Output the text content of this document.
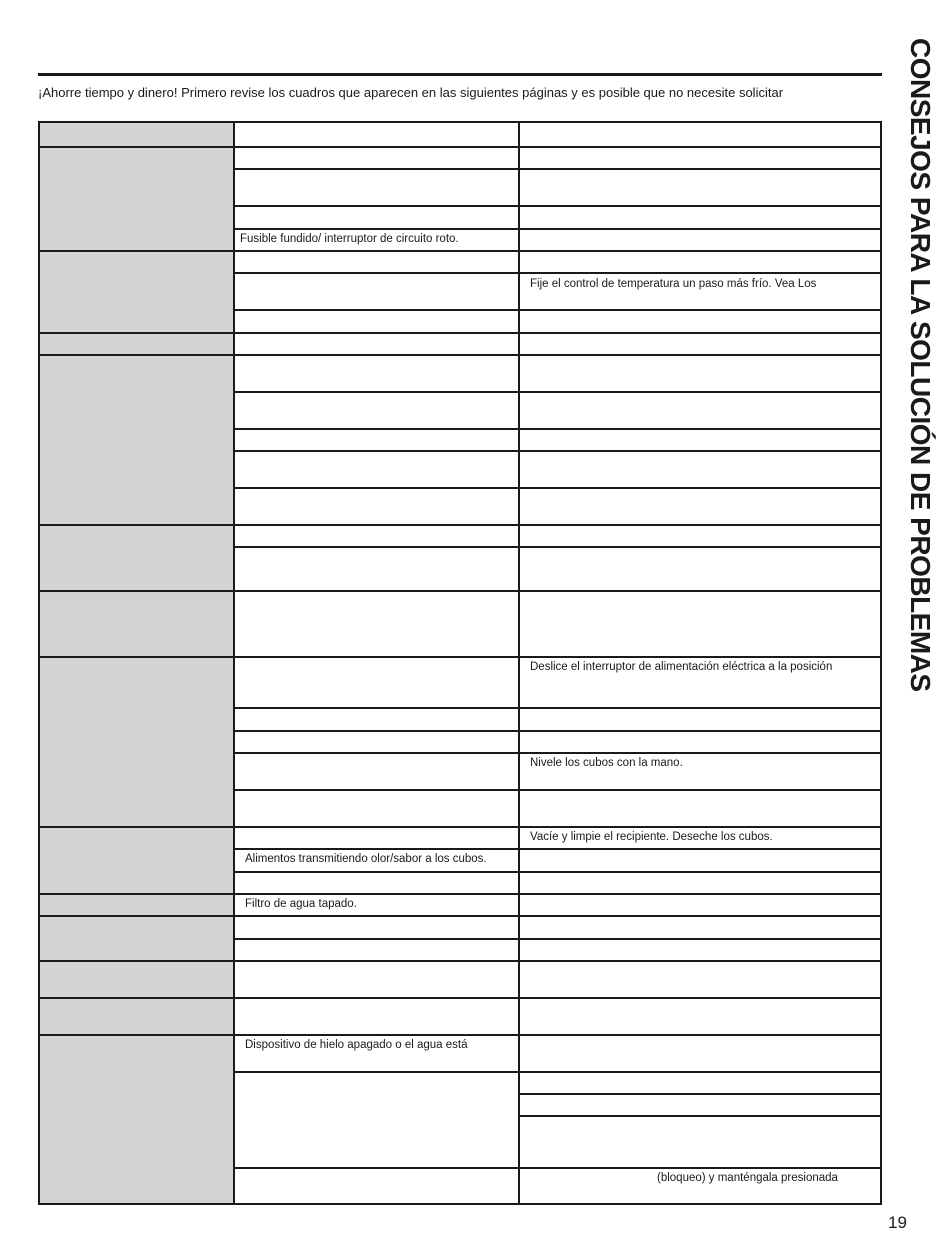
¡Ahorre tiempo y dinero! Primero revise los cuadros que aparecen en las siguientes páginas y es posible que no necesite solicitar	CONSEJOS PARA LA SOLUCIÓN DE PROBLEMAS
Fusible fundido/ interruptor de circuito roto.
Fije el control de temperatura un paso más frío. Vea Los
Deslice el interruptor de alimentación eléctrica a la posición
Nivele los cubos con la mano.
Vacíe y limpie el recipiente. Deseche los cubos.
Alimentos transmitiendo olor/sabor a los cubos.
Filtro de agua tapado.
Dispositivo de hielo apagado o el agua está
(bloqueo) y manténgala presionada
19
